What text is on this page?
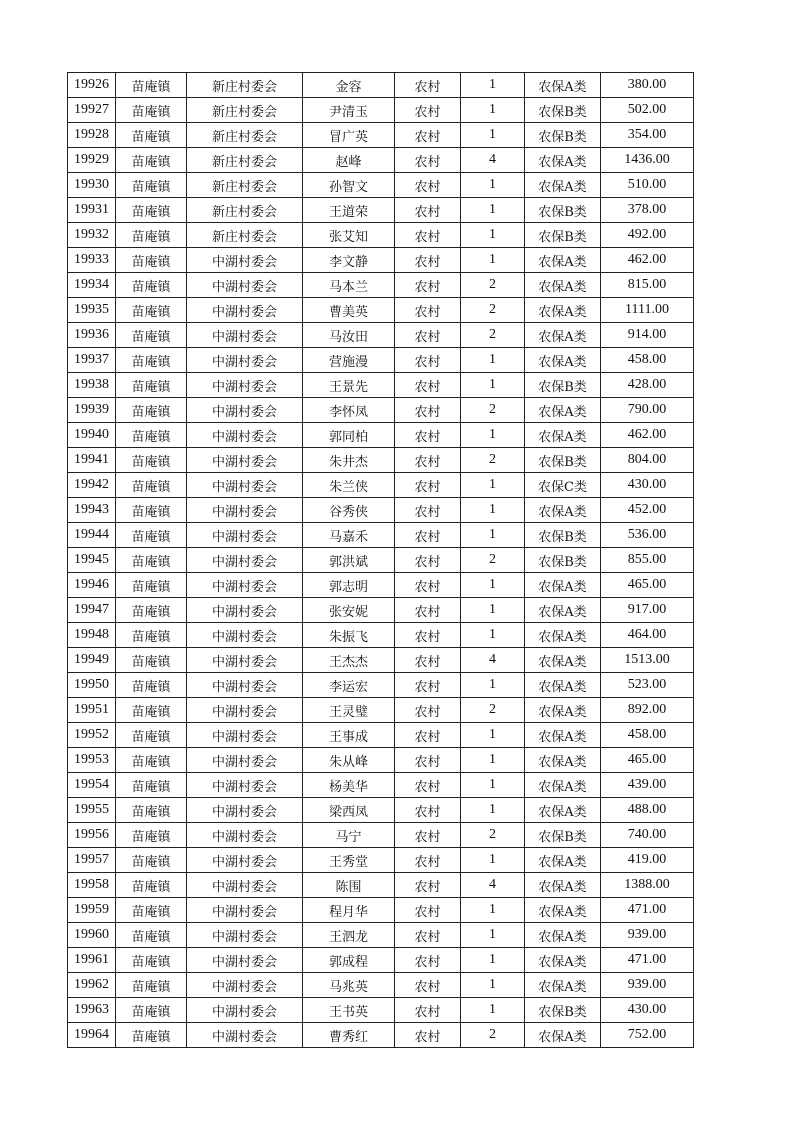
19926	苗庵镇	新庄村委会	金容	农村	1	农保A类	380.00
19927	苗庵镇	新庄村委会	尹清玉	农村	1	农保B类	502.00
19928	苗庵镇	新庄村委会	冒广英	农村	1	农保B类	354.00
19929	苗庵镇	新庄村委会	赵峰	农村	4	农保A类	1436.00
19930	苗庵镇	新庄村委会	孙智文	农村	1	农保A类	510.00
19931	苗庵镇	新庄村委会	王道荣	农村	1	农保B类	378.00
19932	苗庵镇	新庄村委会	张艾知	农村	1	农保B类	492.00
19933	苗庵镇	中湖村委会	李文静	农村	1	农保A类	462.00
19934	苗庵镇	中湖村委会	马本兰	农村	2	农保A类	815.00
19935	苗庵镇	中湖村委会	曹美英	农村	2	农保A类	1111.00
19936	苗庵镇	中湖村委会	马汝田	农村	2	农保A类	914.00
19937	苗庵镇	中湖村委会	营施漫	农村	1	农保A类	458.00
19938	苗庵镇	中湖村委会	王景先	农村	1	农保B类	428.00
19939	苗庵镇	中湖村委会	李怀凤	农村	2	农保A类	790.00
19940	苗庵镇	中湖村委会	郭同柏	农村	1	农保A类	462.00
19941	苗庵镇	中湖村委会	朱井杰	农村	2	农保B类	804.00
19942	苗庵镇	中湖村委会	朱兰侠	农村	1	农保C类	430.00
19943	苗庵镇	中湖村委会	谷秀侠	农村	1	农保A类	452.00
19944	苗庵镇	中湖村委会	马嘉禾	农村	1	农保B类	536.00
19945	苗庵镇	中湖村委会	郭洪斌	农村	2	农保B类	855.00
19946	苗庵镇	中湖村委会	郭志明	农村	1	农保A类	465.00
19947	苗庵镇	中湖村委会	张安妮	农村	1	农保A类	917.00
19948	苗庵镇	中湖村委会	朱振飞	农村	1	农保A类	464.00
19949	苗庵镇	中湖村委会	王杰杰	农村	4	农保A类	1513.00
19950	苗庵镇	中湖村委会	李运宏	农村	1	农保A类	523.00
19951	苗庵镇	中湖村委会	王灵璧	农村	2	农保A类	892.00
19952	苗庵镇	中湖村委会	王事成	农村	1	农保A类	458.00
19953	苗庵镇	中湖村委会	朱从峰	农村	1	农保A类	465.00
19954	苗庵镇	中湖村委会	杨美华	农村	1	农保A类	439.00
19955	苗庵镇	中湖村委会	梁西凤	农村	1	农保A类	488.00
19956	苗庵镇	中湖村委会	马宁	农村	2	农保B类	740.00
19957	苗庵镇	中湖村委会	王秀堂	农村	1	农保A类	419.00
19958	苗庵镇	中湖村委会	陈围	农村	4	农保A类	1388.00
19959	苗庵镇	中湖村委会	程月华	农村	1	农保A类	471.00
19960	苗庵镇	中湖村委会	王泗龙	农村	1	农保A类	939.00
19961	苗庵镇	中湖村委会	郭成程	农村	1	农保A类	471.00
19962	苗庵镇	中湖村委会	马兆英	农村	1	农保A类	939.00
19963	苗庵镇	中湖村委会	王书英	农村	1	农保B类	430.00
19964	苗庵镇	中湖村委会	曹秀红	农村	2	农保A类	752.00
